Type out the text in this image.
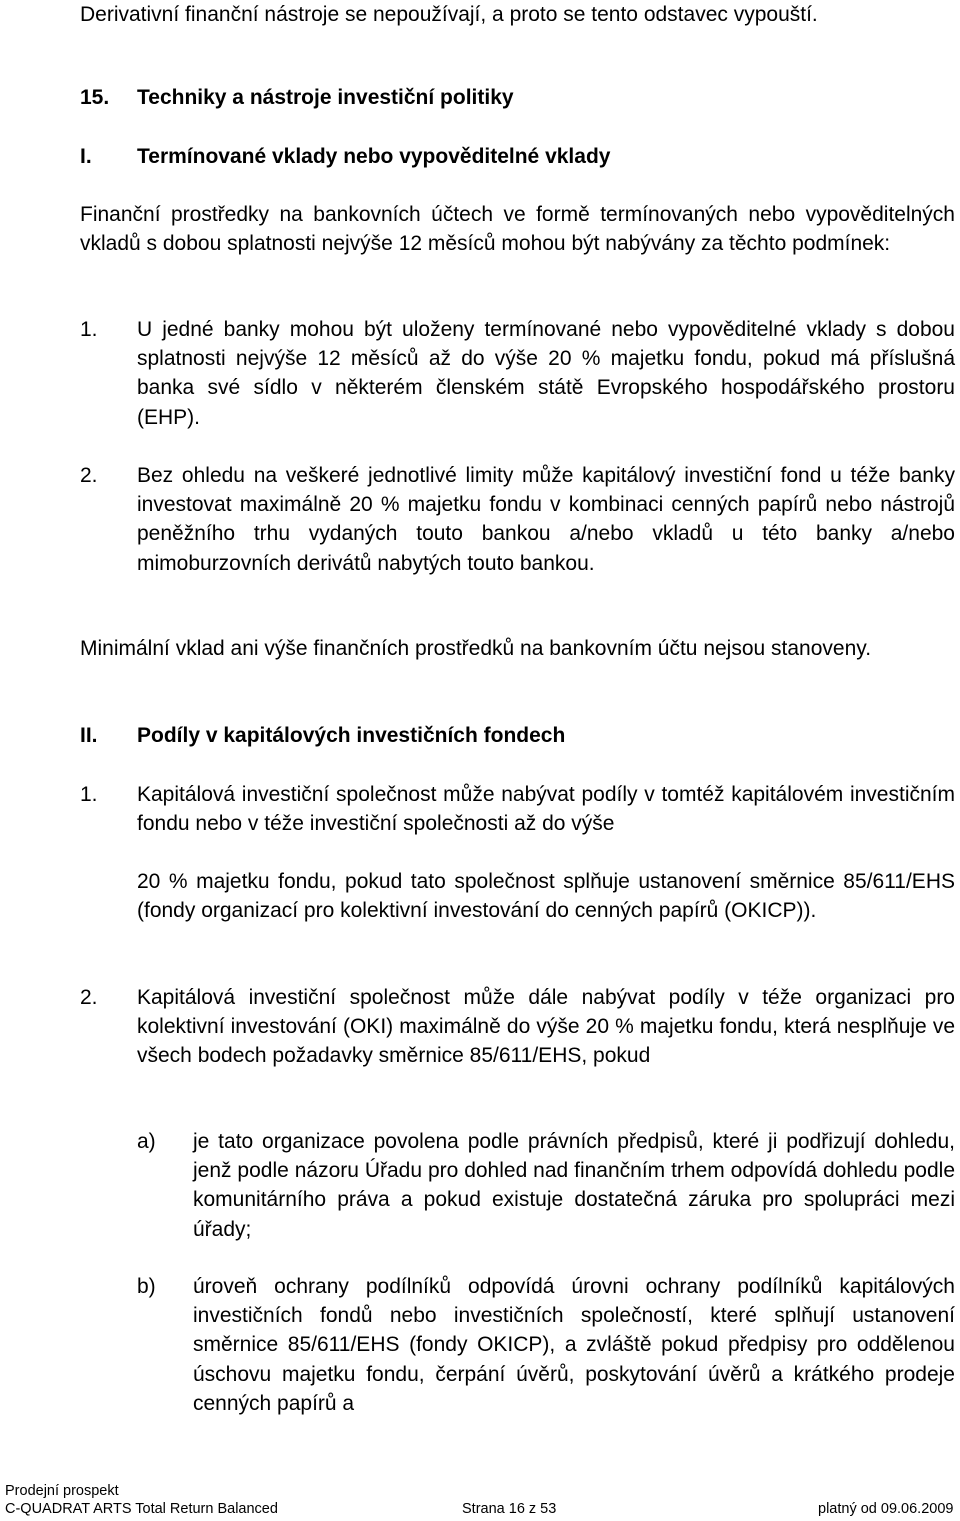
Derivativní finanční nástroje se nepoužívají, a proto se tento odstavec vypouští.

15. Techniky a nástroje investiční politiky
I. Termínované vklady nebo vypověditelné vklady

Finanční prostředky na bankovních účtech ve formě termínovaných nebo vypověditelných vkladů s dobou splatnosti nejvýše 12 měsíců mohou být nabývány za těchto podmínek:

1. U jedné banky mohou být uloženy termínované nebo vypověditelné vklady s dobou splatnosti nejvýše 12 měsíců až do výše 20 % majetku fondu, pokud má příslušná banka své sídlo v některém členském státě Evropského hospodářského prostoru (EHP).

2. Bez ohledu na veškeré jednotlivé limity může kapitálový investiční fond u téže banky investovat maximálně 20 % majetku fondu v kombinaci cenných papírů nebo nástrojů peněžního trhu vydaných touto bankou a/nebo vkladů u této banky a/nebo mimoburzovních derivátů nabytých touto bankou.

Minimální vklad ani výše finančních prostředků na bankovním účtu nejsou stanoveny.

II. Podíly v kapitálových investičních fondech
1. Kapitálová investiční společnost může nabývat podíly v tomtéž kapitálovém investičním fondu nebo v téže investiční společnosti až do výše

20 % majetku fondu, pokud tato společnost splňuje ustanovení směrnice 85/611/EHS (fondy organizací pro kolektivní investování do cenných papírů (OKICP)).

2. Kapitálová investiční společnost může dále nabývat podíly v téže organizaci pro kolektivní investování (OKI) maximálně do výše 20 % majetku fondu, která nesplňuje ve všech bodech požadavky směrnice 85/611/EHS, pokud

a) je tato organizace povolena podle právních předpisů, které ji podřizují dohledu, jenž podle názoru Úřadu pro dohled nad finančním trhem odpovídá dohledu podle komunitárního práva a pokud existuje dostatečná záruka pro spolupráci mezi úřady;

b) úroveň ochrany podílníků odpovídá úrovni ochrany podílníků kapitálových investičních fondů nebo investičních společností, které splňují ustanovení směrnice 85/611/EHS (fondy OKICP), a zvláště pokud předpisy pro oddělenou úschovu majetku fondu, čerpání úvěrů, poskytování úvěrů a krátkého prodeje cenných papírů a

Prodejní prospekt
C-QUADRAT ARTS Total Return Balanced	Strana 16 z 53	platný od 09.06.2009
